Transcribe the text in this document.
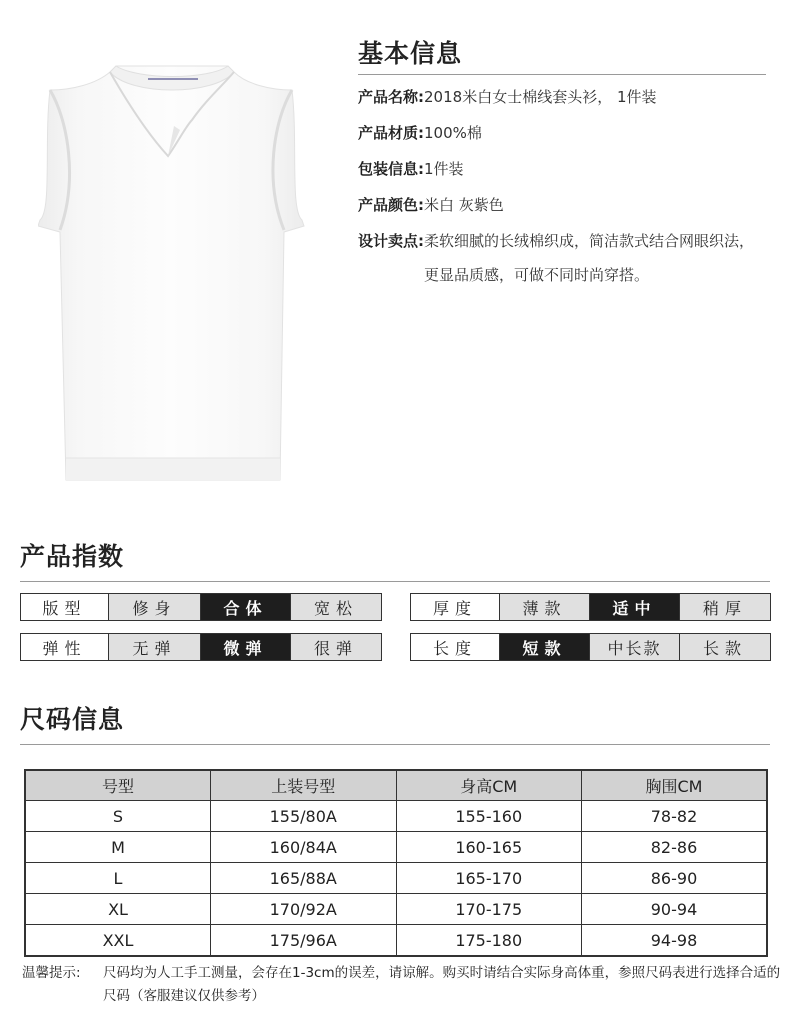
基本信息
产品名称 : 2018米白女士棉线套头衫， 1件装
产品材质 : 100%棉
包装信息 : 1件装
产品颜色 : 米白 灰紫色
设计卖点 : 柔软细腻的长绒棉织成，简洁款式结合网眼织法，更显品质感，可做不同时尚穿搭。
产品指数
版型	修身	合体	宽松
弹性	无弹	微弹	很弹
厚度	薄款	适中	稍厚
长度	短款	中长款	长款
尺码信息
号型	上装号型	身高CM	胸围CM
S	155/80A	155-160	78-82
M	160/84A	160-165	82-86
L	165/88A	165-170	86-90
XL	170/92A	170-175	90-94
XXL	175/96A	175-180	94-98
温馨提示: 尺码均为人工手工测量，会存在1-3cm的误差，请谅解。购买时请结合实际身高体重，参照尺码表进行选择合适的尺码（客服建议仅供参考）
